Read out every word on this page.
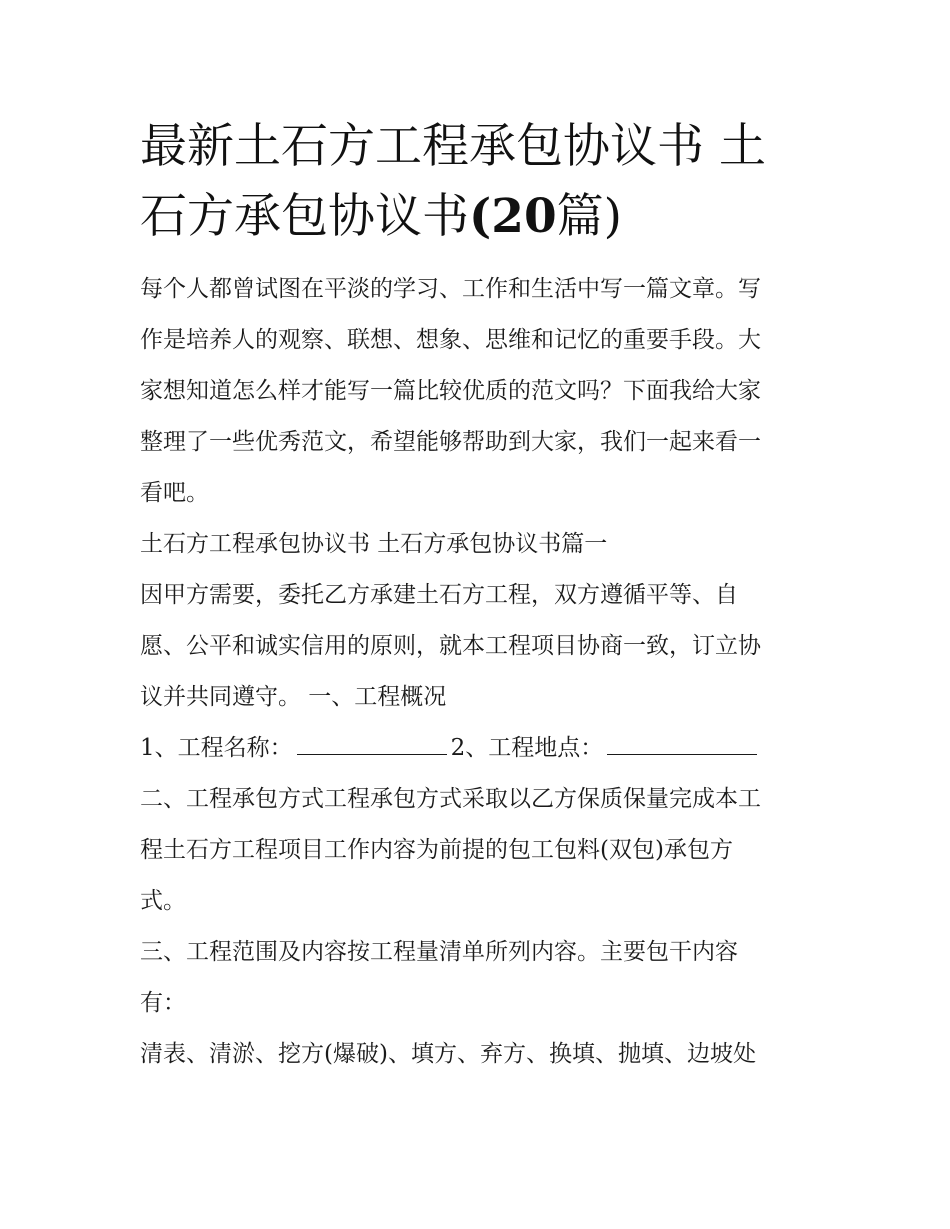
最新土石方工程承包协议书 土
石方承包协议书(20篇)

每个人都曾试图在平淡的学习、工作和生活中写一篇文章。写

作是培养人的观察、联想、想象、思维和记忆的重要手段。大

家想知道怎么样才能写一篇比较优质的范文吗？下面我给大家

整理了一些优秀范文，希望能够帮助到大家，我们一起来看一

看吧。

土石方工程承包协议书 土石方承包协议书篇一

因甲方需要，委托乙方承建土石方工程，双方遵循平等、自

愿、公平和诚实信用的原则，就本工程项目协商一致，订立协

议并共同遵守。 一、工程概况

1、工程名称：	2、工程地点：

二、工程承包方式工程承包方式采取以乙方保质保量完成本工

程土石方工程项目工作内容为前提的包工包料(双包)承包方

式。

三、工程范围及内容按工程量清单所列内容。主要包干内容

有：

清表、清淤、挖方(爆破)、填方、弃方、换填、抛填、边坡处
